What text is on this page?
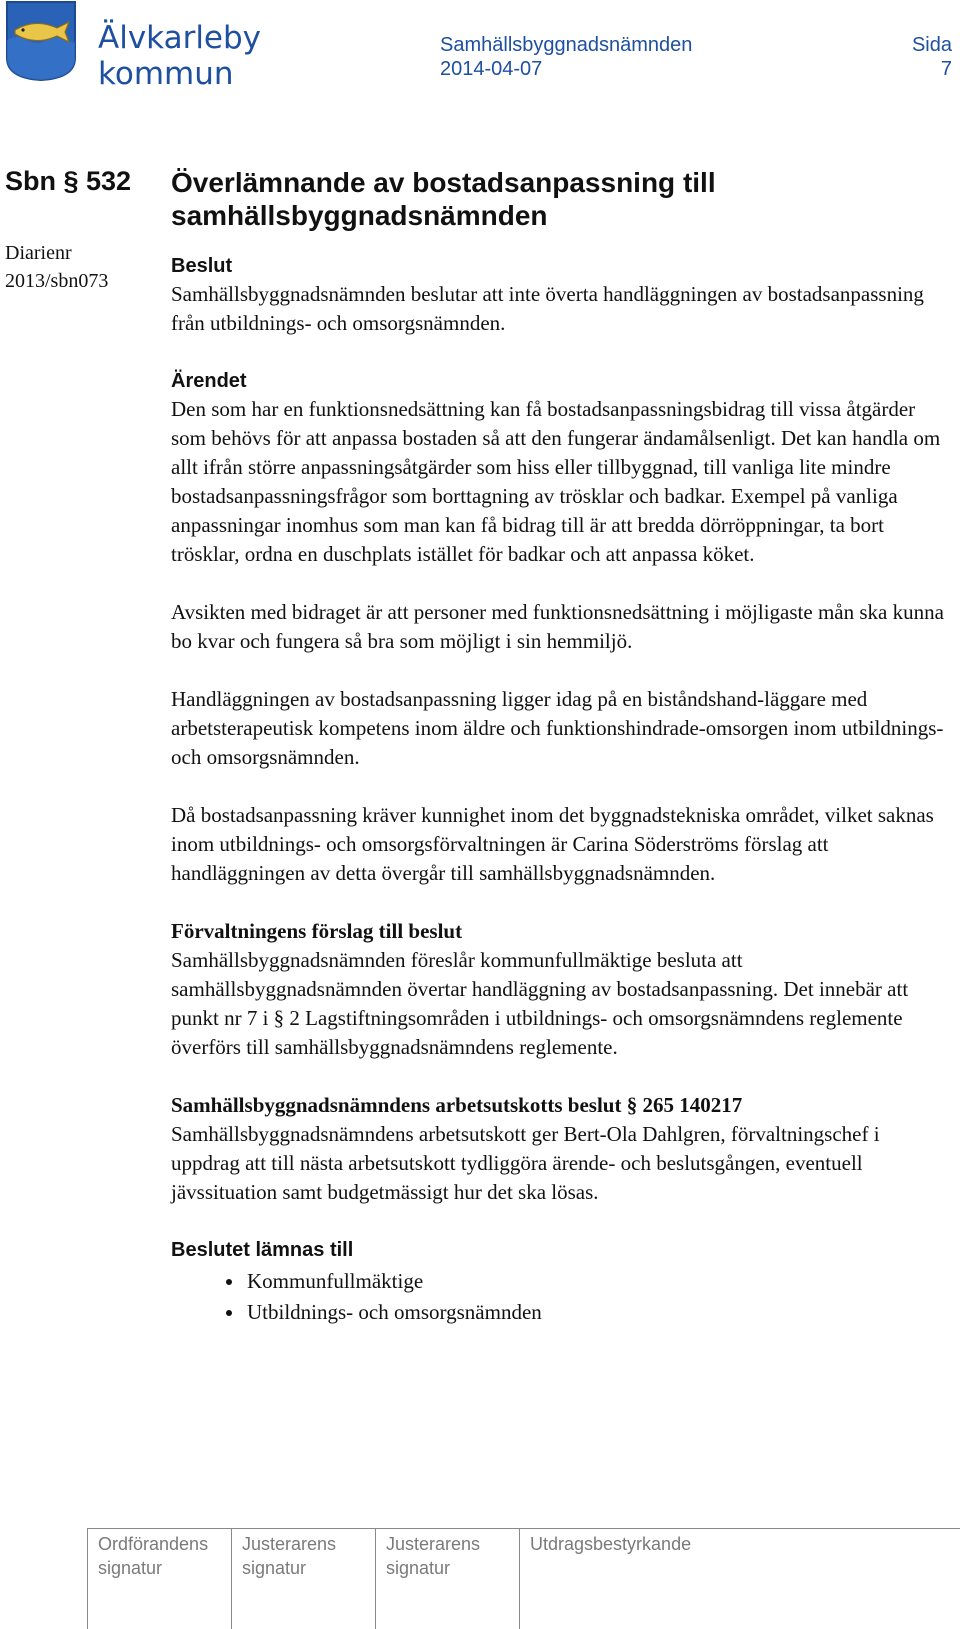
Älvkarleby
kommun
Samhällsbyggnadsnämnden
2014-04-07
Sida
7
Sbn § 532
Diarienr
2013/sbn073
Överlämnande av bostadsanpassning till samhällsbyggnadsnämnden
Beslut

Samhällsbyggnadsnämnden beslutar att inte överta handläggningen av bostadsanpassning från utbildnings- och omsorgsnämnden.

Ärendet

Den som har en funktionsnedsättning kan få bostadsanpassningsbidrag till vissa åtgärder som behövs för att anpassa bostaden så att den fungerar ändamålsenligt. Det kan handla om allt ifrån större anpassningsåtgärder som hiss eller tillbyggnad, till vanliga lite mindre bostadsanpassningsfrågor som borttagning av trösklar och badkar. Exempel på vanliga anpassningar inomhus som man kan få bidrag till är att bredda dörröppningar, ta bort trösklar, ordna en duschplats istället för badkar och att anpassa köket.

Avsikten med bidraget är att personer med funktionsnedsättning i möjligaste mån ska kunna bo kvar och fungera så bra som möjligt i sin hemmiljö.

Handläggningen av bostadsanpassning ligger idag på en biståndshand-läggare med arbetsterapeutisk kompetens inom äldre och funktionshindrade-omsorgen inom utbildnings- och omsorgsnämnden.

Då bostadsanpassning kräver kunnighet inom det byggnadstekniska området, vilket saknas inom utbildnings- och omsorgsförvaltningen är Carina Söderströms förslag att handläggningen av detta övergår till samhällsbyggnadsnämnden.

Förvaltningens förslag till beslut

Samhällsbyggnadsnämnden föreslår kommunfullmäktige besluta att samhällsbyggnadsnämnden övertar handläggning av bostadsanpassning. Det innebär att punkt nr 7 i § 2 Lagstiftningsområden i utbildnings- och omsorgsnämndens reglemente överförs till samhällsbyggnadsnämndens reglemente.

Samhällsbyggnadsnämndens arbetsutskotts beslut § 265 140217

Samhällsbyggnadsnämndens arbetsutskott ger Bert-Ola Dahlgren, förvaltningschef i uppdrag att till nästa arbetsutskott tydliggöra ärende- och beslutsgången, eventuell jävssituation samt budgetmässigt hur det ska lösas.

Beslutet lämnas till
• Kommunfullmäktige
• Utbildnings- och omsorgsnämnden
Ordförandens signatur
Justerarens signatur
Justerarens signatur
Utdragsbestyrkande
